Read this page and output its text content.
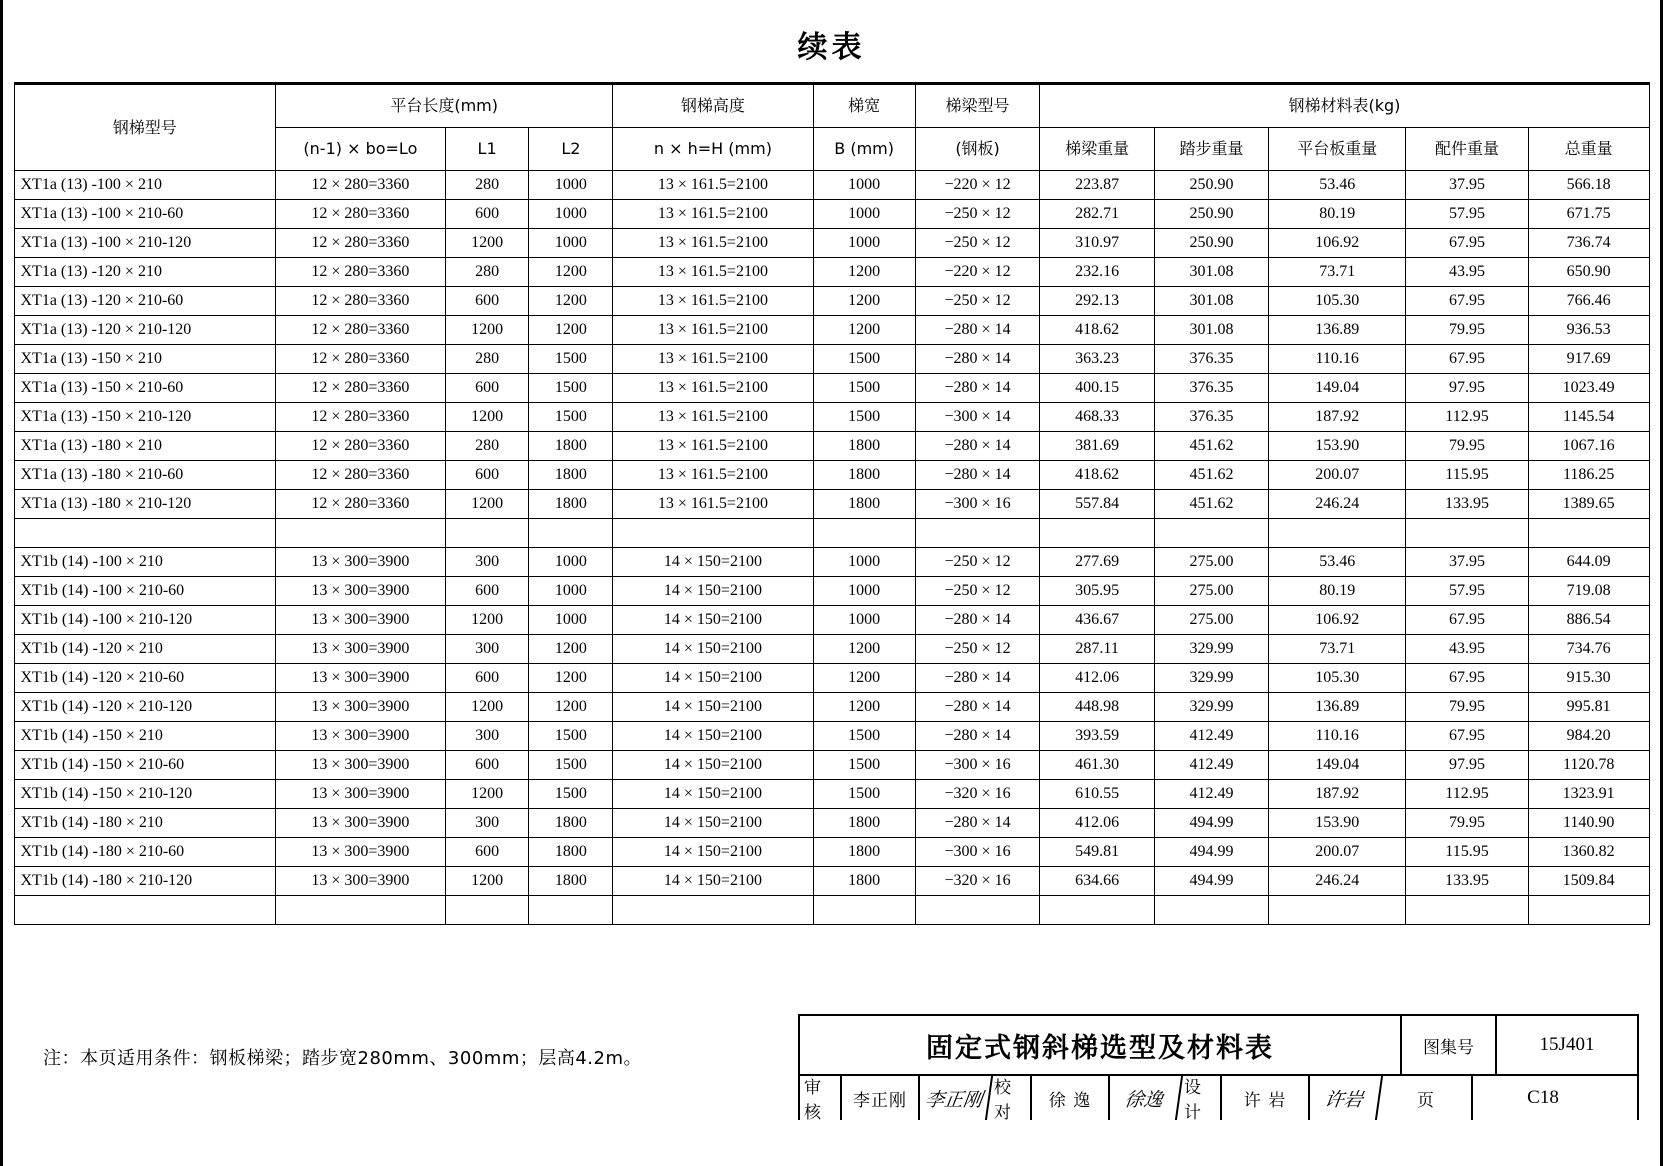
续表
钢梯型号	平台长度(mm)			钢梯高度	梯宽	梯梁型号	钢梯材料表(kg)				
	(n-1) × bo=Lo	L1	L2	n × h=H (mm)	B (mm)	(钢板)	梯梁重量	踏步重量	平台板重量	配件重量	总重量
XT1a (13) -100 × 210	12 × 280=3360	280	1000	13 × 161.5=2100	1000	−220 × 12	223.87	250.90	53.46	37.95	566.18
XT1a (13) -100 × 210-60	12 × 280=3360	600	1000	13 × 161.5=2100	1000	−250 × 12	282.71	250.90	80.19	57.95	671.75
XT1a (13) -100 × 210-120	12 × 280=3360	1200	1000	13 × 161.5=2100	1000	−250 × 12	310.97	250.90	106.92	67.95	736.74
XT1a (13) -120 × 210	12 × 280=3360	280	1200	13 × 161.5=2100	1200	−220 × 12	232.16	301.08	73.71	43.95	650.90
XT1a (13) -120 × 210-60	12 × 280=3360	600	1200	13 × 161.5=2100	1200	−250 × 12	292.13	301.08	105.30	67.95	766.46
XT1a (13) -120 × 210-120	12 × 280=3360	1200	1200	13 × 161.5=2100	1200	−280 × 14	418.62	301.08	136.89	79.95	936.53
XT1a (13) -150 × 210	12 × 280=3360	280	1500	13 × 161.5=2100	1500	−280 × 14	363.23	376.35	110.16	67.95	917.69
XT1a (13) -150 × 210-60	12 × 280=3360	600	1500	13 × 161.5=2100	1500	−280 × 14	400.15	376.35	149.04	97.95	1023.49
XT1a (13) -150 × 210-120	12 × 280=3360	1200	1500	13 × 161.5=2100	1500	−300 × 14	468.33	376.35	187.92	112.95	1145.54
XT1a (13) -180 × 210	12 × 280=3360	280	1800	13 × 161.5=2100	1800	−280 × 14	381.69	451.62	153.90	79.95	1067.16
XT1a (13) -180 × 210-60	12 × 280=3360	600	1800	13 × 161.5=2100	1800	−280 × 14	418.62	451.62	200.07	115.95	1186.25
XT1a (13) -180 × 210-120	12 × 280=3360	1200	1800	13 × 161.5=2100	1800	−300 × 16	557.84	451.62	246.24	133.95	1389.65

XT1b (14) -100 × 210	13 × 300=3900	300	1000	14 × 150=2100	1000	−250 × 12	277.69	275.00	53.46	37.95	644.09
XT1b (14) -100 × 210-60	13 × 300=3900	600	1000	14 × 150=2100	1000	−250 × 12	305.95	275.00	80.19	57.95	719.08
XT1b (14) -100 × 210-120	13 × 300=3900	1200	1000	14 × 150=2100	1000	−280 × 14	436.67	275.00	106.92	67.95	886.54
XT1b (14) -120 × 210	13 × 300=3900	300	1200	14 × 150=2100	1200	−250 × 12	287.11	329.99	73.71	43.95	734.76
XT1b (14) -120 × 210-60	13 × 300=3900	600	1200	14 × 150=2100	1200	−280 × 14	412.06	329.99	105.30	67.95	915.30
XT1b (14) -120 × 210-120	13 × 300=3900	1200	1200	14 × 150=2100	1200	−280 × 14	448.98	329.99	136.89	79.95	995.81
XT1b (14) -150 × 210	13 × 300=3900	300	1500	14 × 150=2100	1500	−280 × 14	393.59	412.49	110.16	67.95	984.20
XT1b (14) -150 × 210-60	13 × 300=3900	600	1500	14 × 150=2100	1500	−300 × 16	461.30	412.49	149.04	97.95	1120.78
XT1b (14) -150 × 210-120	13 × 300=3900	1200	1500	14 × 150=2100	1500	−320 × 16	610.55	412.49	187.92	112.95	1323.91
XT1b (14) -180 × 210	13 × 300=3900	300	1800	14 × 150=2100	1800	−280 × 14	412.06	494.99	153.90	79.95	1140.90
XT1b (14) -180 × 210-60	13 × 300=3900	600	1800	14 × 150=2100	1800	−300 × 16	549.81	494.99	200.07	115.95	1360.82
XT1b (14) -180 × 210-120	13 × 300=3900	1200	1800	14 × 150=2100	1800	−320 × 16	634.66	494.99	246.24	133.95	1509.84

注：本页适用条件：钢板梯梁；踏步宽280mm、300mm；层高4.2m。	固定式钢斜梯选型及材料表	图集号	15J401
审核
李正刚 李正刚
校对
徐 逸	徐逸
设计
许 岩	许岩	页	C18
